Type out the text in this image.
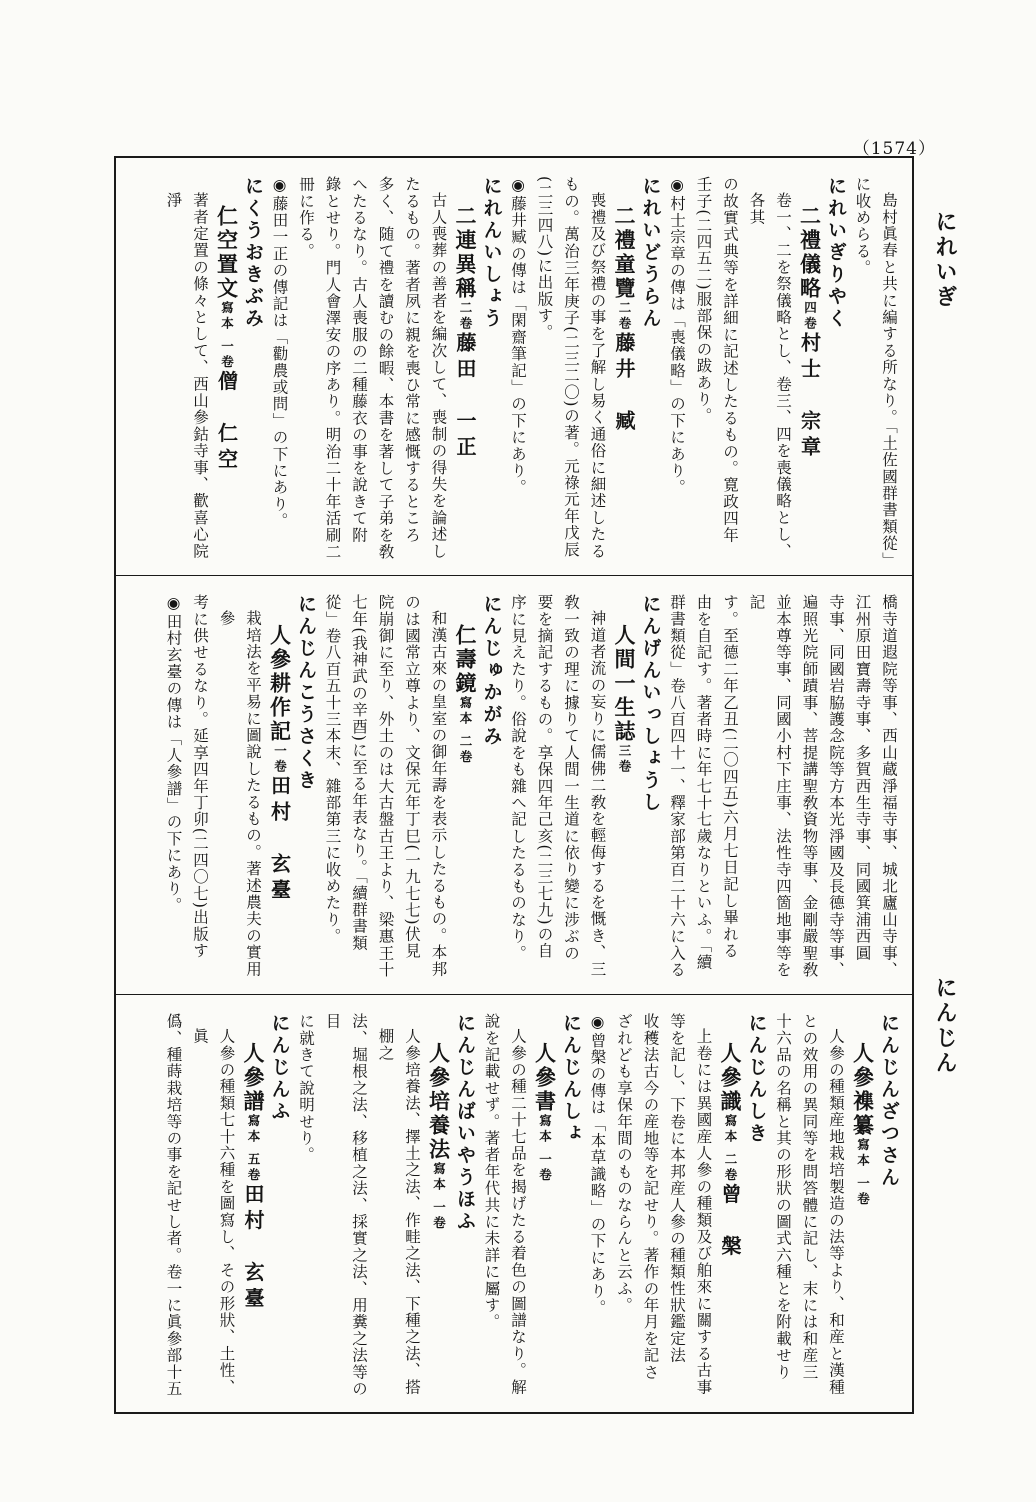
（1574）
にれいぎ
にんじん

島村眞春と共に編する所なり。「土佐國群書類從」

に收めらる。

にれいぎりやく

二禮儀略四卷村士　宗章

卷一、二を祭儀略とし、卷三、四を喪儀略とし、各其

の故實式典等を詳細に記述したるもの。寛政四年

壬子(二四五二)服部保の跋あり。

◉村士宗章の傳は「喪儀略」の下にあり。

にれいどうらん

二禮童覽二卷藤井　臧

喪禮及び祭禮の事を了解し易く通俗に細述したる

もの。萬治三年庚子(二三二〇)の著。元祿元年戊辰

(二三四八)に出版す。

◉藤井臧の傳は「閑齋筆記」の下にあり。

にれんいしょう

二連異稱二卷藤田　一正

古人喪葬の善者を編次して、喪制の得失を論述し

たるもの。著者夙に親を喪ひ常に感慨するところ

多く、随て禮を讀むの餘暇、本書を著して子弟を敎

へたるなり。古人喪服の二種藤衣の事を說きて附

錄とせり。門人會澤安の序あり。明治二十年活刷二

冊に作る。

◉藤田一正の傳記は「勸農或問」の下にあり。

にくうおきぶみ

仁空置文寫本 一卷僧　仁空

著者定置の條々として、西山參鈷寺事、歡喜心院淨

橋寺道遐院等事、西山蔵淨福寺事、城北廬山寺事、

江州原田寶壽寺事、多賀西生寺事、同國箕浦西圓

寺事、同國岩脇護念院等方本光淨國及長德寺等事、

遍照光院師蹟事、菩提講聖敎資物等事、金剛嚴聖敎

並本尊等事、同國小村下庄事、法性寺四箇地事等を記

す。至德二年乙丑(二〇四五)六月七日記し畢れる

由を自記す。著者時に年七十七歲なりといふ。「續

群書類從」卷八百四十一、釋家部第百二十六に入る

にんげんいっしょうし

人間一生誌三卷

神道者流の妄りに儒佛二敎を輕侮するを慨き、三

敎一致の理に據りて人間一生道に依り變に涉ぶの

要を摘記するもの。享保四年己亥(二三七九)の自

序に見えたり。俗說をも雜へ記したるものなり。

にんじゅかがみ

仁壽鏡寫本 二卷

和漢古來の皇室の御年壽を表示したるもの。本邦

のは國常立尊より、文保元年丁巳(一九七七)伏見

院崩御に至り、外土のは大古盤古王より、梁惠王十

七年(我神武の辛酉)に至る年表なり。「續群書類

從」卷八百五十三本末、雜部第三に收めたり。

にんじんこうさくき

人參耕作記一卷田村　玄臺

栽培法を平易に圖說したるもの。著述農夫の實用參

考に供せるなり。延享四年丁卯(二四〇七)出版す

◉田村玄臺の傳は「人參譜」の下にあり。

にんじんざつさん

人參襍纂寫本 一卷

人參の種類産地栽培製造の法等より、和産と漢種

との效用の異同等を問答體に記し、末には和産三

十六品の名稱と其の形狀の圖式六種とを附載せり

にんじんしき

人參識寫本 二卷曾　槃

上卷には異國産人參の種類及び舶來に關する古事

等を記し、下卷に本邦産人參の種類性狀鑑定法

收穫法古今の産地等を記せり。著作の年月を記さ

ざれども享保年間のものならんと云ふ。

◉曾槃の傳は「本草識略」の下にあり。

にんじんしょ

人參書寫本 一卷

人參の種二十七品を揭げたる着色の圖譜なり。解

說を記載せず。著者年代共に未詳に屬す。

にんじんばいやうほふ

人參培養法寫本 一卷

人參培養法、擇土之法、作畦之法、下種之法、搭棚之

法、堀根之法、移植之法、採實之法、用糞之法等の目

に就きて說明せり。

にんじんふ

人參譜寫本 五卷田村　玄臺

人參の種類七十六種を圖寫し、その形狀、土性、眞

僞、種蒔栽培等の事を記せし者。卷一に眞參部十五
